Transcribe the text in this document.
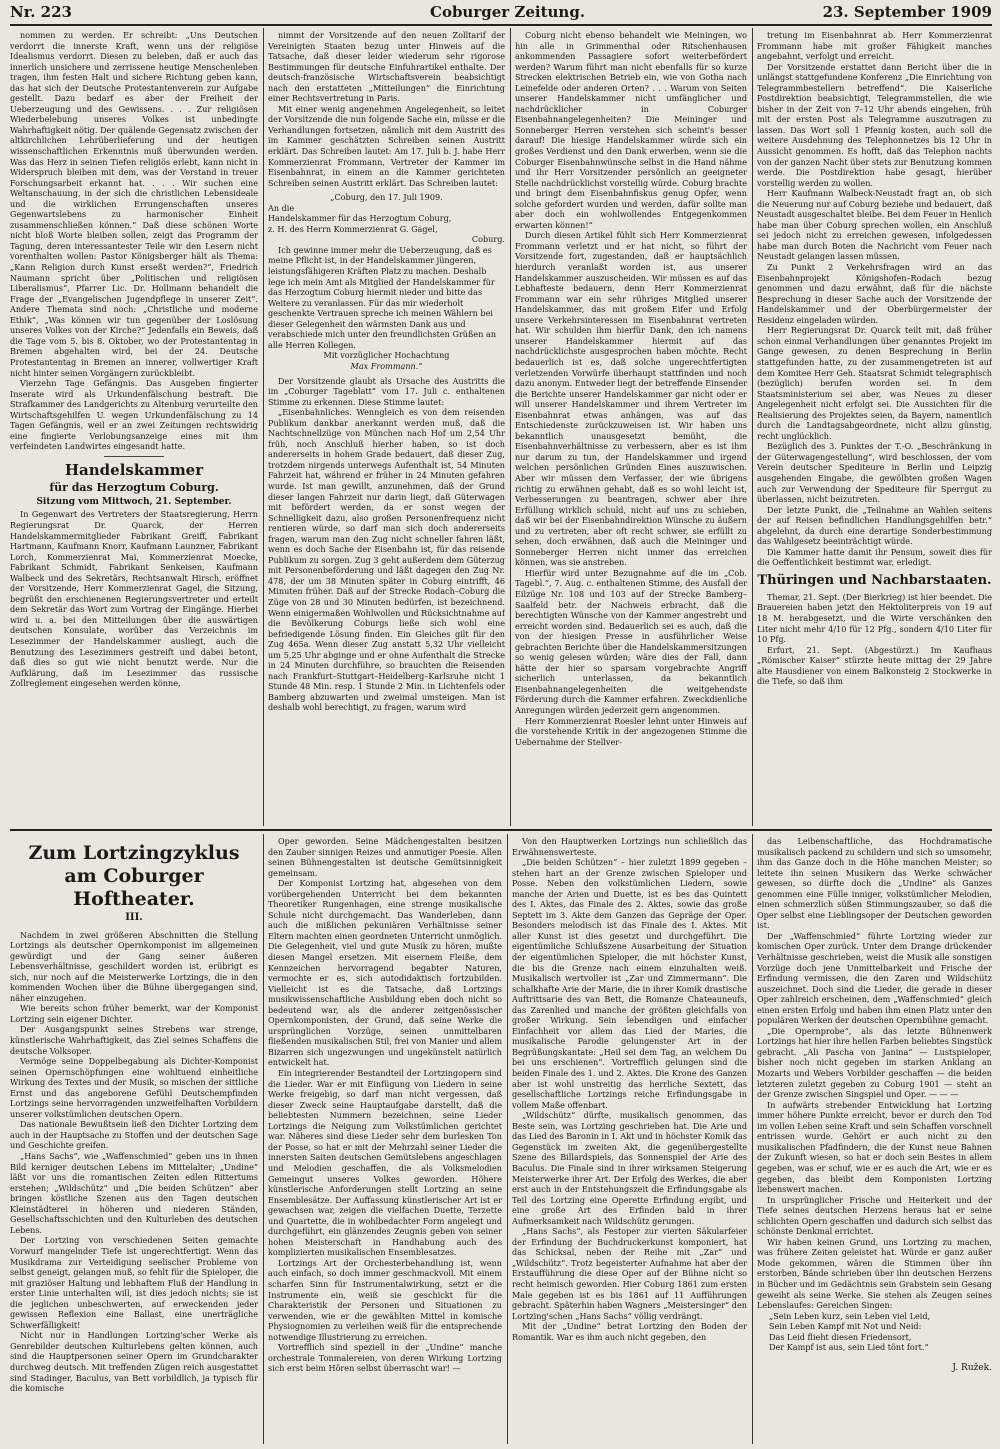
Nr. 223	Coburger Zeitung.	23. September 1909

nommen zu werden. Er schreibt: „Uns Deutschen verdorrt die innerste Kraft, wenn uns der religiöse Idealismus verdorrt. Diesen zu beleben, daß er auch das innerlich unsichere und zerrissene heutige Menschenleben tragen, ihm festen Halt und sichere Richtung geben kann, das hat sich der Deutsche Protestantenverein zur Aufgabe gestellt. Dazu bedarf es aber der Freiheit der Ueberzeugung und des Gewissens. . . . Zur religiösen Wiederbelebung unseres Volkes ist unbedingte Wahrhaftigkeit nötig. Der quälende Gegensatz zwischen der altkirchlichen Lehrüberlieferung und der heutigen wissenschaftlichen Erkenntnis muß überwunden werden. Was das Herz in seinen Tiefen religiös erlebt, kann nicht in Widerspruch bleiben mit dem, was der Verstand in treuer Forschungsarbeit erkannt hat. . . . Wir suchen eine Weltanschauung, in der sich die christlichen Lebensideale und die wirklichen Errungenschaften unseres Gegenwartslebens zu harmonischer Einheit zusammenschließen können.“ Daß diese schönen Worte nicht bloß Worte bleiben sollen, zeigt das Programm der Tagung, deren interessantester Teile wir den Lesern nicht vorenthalten wollen: Pastor Königsberger hält als Thema: „Kann Religion durch Kunst erseßt werden?“, Friedrich Naumann spricht über „Politischen und religiösen Liberalismus“, Pfarrer Lic. Dr. Hollmann behandelt die Frage der „Evangelischen Jugendpflege in unserer Zeit“. Andere Themata sind noch: „Christliche und moderne Ethik“, „Was können wir tun gegenüber der Loslösung unseres Volkes von der Kirche?“ Jedenfalls ein Beweis, daß die Tage vom 5. bis 8. Oktober, wo der Protestantentag in Bremen abgehalten wird, bei der 24. Deutsche Protestantentag in Bremen an innerer, vollwertiger Kraft nicht hinter seinen Vorgängern zurückbleibt.

Vierzehn Tage Gefängnis. Das Ausgeben fingierter Inserate wird als Urkundenfälschung bestraft. Die Strafkammer des Landgerichts zu Altenburg verurteilte den Wirtschaftsgehilfen U. wegen Urkundenfälschung zu 14 Tagen Gefängnis, weil er an zwei Zeitungen rechtswidrig eine fingierte Verlobungsanzeige eines mit ihm verfeindeten Landwirtes eingesandt hatte.

Handelskammer
für das Herzogtum Coburg.
Sitzung vom Mittwoch, 21. September.

In Gegenwart des Vertreters der Staatsregierung, Herrn Regierungsrat Dr. Quarck, der Herren Handelskammermitglieder Fabrikant Greiff, Fabrikant Hartmann, Kaufmann Knorr, Kaufmann Launzner, Fabrikant Lorch, Kommerzienrat Mai, Kommerzienrat Moecke, Fabrikant Schmidt, Fabrikant Senkeisen, Kaufmann Walbeck und des Sekretärs, Rechtsanwalt Hirsch, eröffnet der Vorsitzende, Herr Kommerzienrat Gagel, die Sitzung, begrüßt den erschienenen Regierungsvertreter und erteilt dem Sekretär das Wort zum Vortrag der Eingänge. Hierbei wird u. a. bei den Mitteilungen über die auswärtigen deutschen Konsulate, worüber das Verzeichnis im Lesezimmer der Handelskammer ausliegt, auch die Benutzung des Lesezimmers gestreift und dabei betont, daß dies so gut wie nicht benutzt werde. Nur die Aufklärung, daß im Lesezimmer das russische Zollreglement eingesehen werden könne,

nimmt der Vorsitzende auf den neuen Zolltarif der Vereinigten Staaten bezug unter Hinweis auf die Tatsache, daß dieser leider wiederum sehr rigorose Bestimmungen für deutsche Einfuhrartikel enthalte. Der deutsch-französische Wirtschaftsverein beabsichtigt nach den erstatteten „Mitteilungen“ die Einrichtung einer Rechtsvertretung in Paris.

Mit einer wenig angenehmen Angelegenheit, so leitet der Vorsitzende die nun folgende Sache ein, müsse er die Verhandlungen fortsetzen, nämlich mit dem Austritt des im Kammer geschätzten Schreiben seinen Austritt erklärt. Das Schreiben lautet: Am 17. Juli b. J. habe Herr Kommerzienrat Frommann, Vertreter der Kammer im Eisenbahnrat, in einem an die Kammer gerichteten Schreiben seinen Austritt erklärt. Das Schreiben lautet:

„Coburg, den 17. Juli 1909.
An die
Handelskammer für das Herzogtum Coburg,
z. H. des Herrn Kommerzienrat G. Gagel,
Coburg.

Ich gewinne immer mehr die Ueberzeugung, daß es meine Pflicht ist, in der Handelskammer jüngeren, leistungsfähigeren Kräften Platz zu machen. Deshalb lege ich mein Amt als Mitglied der Handelskammer für das Herzogtum Coburg hiermit nieder und bitte das Weitere zu veranlassen. Für das mir wiederholt geschenkte Vertrauen spreche ich meinen Wählern bei dieser Gelegenheit den wärmsten Dank aus und verabschiede mich unter den freundlichsten Grüßen an alle Herren Kollegen.

Mit vorzüglicher Hochachtung
Max Frommann.“

Der Vorsitzende glaubt als Ursache des Austritts die im „Coburger Tageblatt“ vom 17. Juli c. enthaltenen Stimme zu erkennen. Diese Stimme lautet:

„Eisenbahnliches. Wenngleich es von dem reisenden Publikum dankbar anerkannt werden muß, daß die Nachtschnellzüge von München nach Hof um 2,54 Uhr früh, noch Anschluß hierher haben, so ist doch andererseits in hohem Grade bedauert, daß dieser Zug, trotzdem nirgends unterwegs Aufenthalt ist, 54 Minuten Fahrzeit hat, während er früher in 24 Minuten gefahren wurde. Ist man gewillt, anzunehmen, daß der Grund dieser langen Fahrzeit nur darin liegt, daß Güterwagen mit befördert werden, da er sonst wegen der Schnelligkeit dazu, also großen Personenfrequenz nicht rentieren würde, so darf man sich doch andererseits fragen, warum man den Zug nicht schneller fahren läßt, wenn es doch Sache der Eisenbahn ist, für das reisende Publikum zu sorgen. Zug 3 geht außerdem dem Güterzug mit Personenbeförderung und läßt dagegen den Zug Nr. 478, der um 38 Minuten später in Coburg eintrifft, 46 Minuten früher. Daß auf der Strecke Rodach–Coburg die Züge von 28 und 30 Minuten bedürfen, ist bezeichnend. Wenn einigermaßen Wohlwollen und Rücksichtnahme auf die Bevölkerung Coburgs ließe sich wohl eine befriedigende Lösung finden. Ein Gleiches gilt für den Zug 465a. Wenn dieser Zug anstatt 5,32 Uhr vielleicht um 5,25 Uhr abginge und er ohne Aufenthalt die Strecke in 24 Minuten durchführe, so brauchten die Reisenden nach Frankfurt–Stuttgart–Heidelberg–Karlsruhe nicht 1 Stunde 48 Min. resp. 1 Stunde 2 Min. in Lichtenfels oder Bamberg abzuwarten und zweimal umsteigen. Man ist deshalb wohl berechtigt, zu fragen, warum wird

Coburg nicht ebenso behandelt wie Meiningen, wo hin alle in Grimmenthal oder Ritschenhausen ankommenden Passagiere sofort weiterbefördert werden? Warum führt man nicht ebenfalls für so kurze Strecken elektrischen Betrieb ein, wie von Gotha nach Leinefelde oder anderen Orten? . . . Warum von Seiten unserer Handelskammer nicht umfänglicher und nachdrücklicher in Coburger Eisenbahnangelegenheiten? Die Meininger und Sonneberger Herren verstehen sich scheint's besser darauf! Die hiesige Handelskammer würde sich ein großes Verdienst und den Dank erwerben, wenn sie die Coburger Eisenbahnwünsche selbst in die Hand nähme und ihr Herr Vorsitzender persönlich an geeigneter Stelle nachdrücklichst vorstellig würde. Coburg brachte und bringt dem Eisenbahnfiskus genug Opfer, wenn solche gefordert wurden und werden, dafür sollte man aber doch ein wohlwollendes Entgegenkommen erwarten können!“

Durch diesen Artikel fühlt sich Herr Kommerzienrat Frommann verletzt und er hat nicht, so führt der Vorsitzende fort, zugestanden, daß er hauptsächlich hierdurch veranlaßt worden ist, aus unserer Handelskammer auszuscheiden. Wir müssen es auf das Lebhafteste bedauern, denn Herr Kommerzienrat Frommann war ein sehr rühriges Mitglied unserer Handelskammer, das mit großem Eifer und Erfolg unsere Verkehrsinteressen im Eisenbahnrat vertreten hat. Wir schulden ihm hierfür Dank, den ich namens unserer Handelskammer hiermit auf das nachdrücklichste ausgesprochen haben möchte. Recht bedauerlich ist es, daß solche ungerechtfertigten verletzenden Vorwürfe überhaupt stattfinden und noch dazu anonym. Entweder liegt der betreffende Einsender die Berichte unserer Handelskammer gar nicht oder er will unserer Handelskammer und ihrem Vertreter im Eisenbahnrat etwas anhängen, was auf das Entschiedenste zurückzuweisen ist. Wir haben uns bekanntlich unausgesetzt bemüht, die Eisenbahnverhältnisse zu verbessern, aber es ist ihm nur darum zu tun, der Handelskammer und irgend welchen persönlichen Gründen Eines auszuwischen. Aber wir müssen dem Verfasser, der wie übrigens richtig zu erwähnen gehabt, daß es so wohl leicht ist, Verbesserungen zu beantragen, schwer aber ihre Erfüllung wirklich schuld, nicht auf uns zu schieben, daß wir bei der Eisenbahndirektion Wünsche zu äußern und zu vertreten, aber oft recht schwer, sie erfüllt zu sehen, doch erwähnen, daß auch die Meininger und Sonneberger Herren nicht immer das erreichen können, was sie anstreben.

Hierfür wird unter Bezugnahme auf die im „Cob. Tagebl.“, 7. Aug. c. enthaltenen Stimme, des Ausfall der Eilzüge Nr. 108 und 103 auf der Strecke Bamberg–Saalfeld betr. der Nachweis erbracht, daß die berechtigten Wünsche von der Kammer angestrebt und erreicht worden sind. Bedauerlich sei es auch, daß die von der hiesigen Presse in ausführlicher Weise gebrachten Berichte über die Handelskammersitzungen so wenig gelesen würden; wäre dies der Fall, dann hätte der hier so sparsam vorgebrachte Angriff sicherlich unterlassen, da bekanntlich Eisenbahnangelegenheiten die weitgehendste Förderung durch die Kammer erfahren. Zweckdienliche Anregungen würden jederzeit gern angenommen.

Herr Kommerzienrat Roesler lehnt unter Hinweis auf die vorstehende Kritik in der angezogenen Stimme die Uebernahme der Stellver-

tretung im Eisenbahnrat ab. Herr Kommerzienrat Frommann habe mit großer Fähigkeit manches angebahnt, verfolgt und erreicht.

Der Vorsitzende erstattet dann Bericht über die in unlängst stattgefundene Konferenz „Die Einrichtung von Telegrammbestellern betreffend“. Die Kaiserliche Postdirektion beabsichtigt, Telegrammstellen, die wie bisher in der Zeit von 7–12 Uhr abends eingehen, früh mit der ersten Post als Telegramme auszutragen zu lassen. Das Wort soll 1 Pfennig kosten, auch soll die weitere Ausdehnung des Telephonnetzes bis 12 Uhr in Aussicht genommen. Es hofft, daß das Telephon nachts von der ganzen Nacht über stets zur Benutzung kommen werde. Die Postdirektion habe gesagt, hierüber vorstellig werden zu wollen.

Herr Kaufmann Walbeck-Neustadt fragt an, ob sich die Neuerung nur auf Coburg beziehe und bedauert, daß Neustadt ausgeschaltet bleibe. Bei dem Feuer in Henlich habe man über Coburg sprechen wollen, ein Anschluß sei jedoch nicht zu erreichen gewesen, infolgedessen habe man durch Boten die Nachricht vom Feuer nach Neustadt gelangen lassen müssen.

Zu Punkt 2 Verkehrsfragen wird an das Eisenbahnprojekt Königshofen–Rodach bezug genommen und dazu erwähnt, daß für die nächste Besprechung in dieser Sache auch der Vorsitzende der Handelskammer und der Oberbürgermeister der Residenz eingeladen würden.

Herr Regierungsrat Dr. Quarck teilt mit, daß früher schon einmal Verhandlungen über genanntes Projekt im Gange gewesen, zu denen Besprechung in Berlin stattgefunden hatte, zu der zusammengetreten ist auf dem Komitee Herr Geh. Staatsrat Schmidt telegraphisch (bezüglich) berufen worden sei. In dem Staatsministerium sei aber, was Neues zu dieser Angelegenheit nicht erfolgt sei. Die Aussichten für die Realisierung des Projektes seien, da Bayern, namentlich durch die Landtagsabgeordnete, nicht allzu günstig, recht unglücklich.

Bezüglich des 3. Punktes der T.-O. „Beschränkung in der Güterwagengestellung“, wird beschlossen, der vom Verein deutscher Spediteure in Berlin und Leipzig ausgehenden Eingabe, die gewölbten großen Wagen auch zur Verwendung der Spediteure für Sperrgut zu überlassen, nicht beizutreten.

Der letzte Punkt, die „Teilnahme an Wahlen seitens der auf Reisen befindlichen Handlungsgehilfen betr.“ abgelehnt, da durch eine derartige Sonderbestimmung das Wahlgesetz beeinträchtigt würde.

Die Kammer hatte damit ihr Pensum, soweit dies für die Oeffentlichkeit bestimmt war, erledigt.

Thüringen und Nachbarstaaten.

Themar, 21. Sept. (Der Bierkrieg) ist hier beendet. Die Brauereien haben jetzt den Hektoliterpreis von 19 auf 18 M. herabgesetzt, und die Wirte verschänken den Liter nicht mehr 4/10 für 12 Pfg., sondern 4/10 Liter für 10 Pfg.

Erfurt, 21. Sept. (Abgestürzt.) Im Kaufhaus „Römischer Kaiser“ stürzte heute mittag der 29 Jahre alte Hausdiener von einem Balkonsteig 2 Stockwerke in die Tiefe, so daß ihm

Zum Lortzingzyklus
am Coburger Hoftheater.
III.

Nachdem in zwei größeren Abschnitten die Stellung Lortzings als deutscher Opernkomponist im allgemeinen gewürdigt und der Gang seiner äußeren Lebensverhältnisse, geschildert worden ist, erübrigt es sich, nur noch auf die Meisterwerke Lortzings, die in den kommenden Wochen über die Bühne übergegangen sind, näher einzugehen.

Wie bereits schon früher bemerkt, war der Komponist Lortzing sein eigener Dichter.

Der Ausgangspunkt seines Strebens war strenge, künstlerische Wahrhaftigkeit, das Ziel seines Schaffens die deutsche Volksoper.

Vermöge seine Doppelbegabung als Dichter-Komponist seinen Opernschöpfungen eine wohltuend einheitliche Wirkung des Textes und der Musik, so mischen der sittliche Ernst und das angeborene Gefühl Deutschempfinden Lortzings seine hervorragenden unzweifelhaften Vorbildern unserer volkstümlichen deutschen Opern.

Das nationale Bewußtsein ließ den Dichter Lortzing dem auch in der Hauptsache zu Stoffen und der deutschen Sage und Geschichte greifen.

„Hans Sachs“, wie „Waffenschmied“ geben uns in ihnen Bild kerniger deutschen Lebens im Mittelalter; „Undine“ läßt vor uns die romantischen Zeiten edlen Rittertums erstehen; „Wildschütz“ und „Die beiden Schützen“ aber bringen köstliche Szenen aus den Tagen deutschen Kleinstädterei in höheren und niederen Ständen, Gesellschaftsschichten und den Kulturleben des deutschen Lebens.

Der Lortzing von verschiedenen Seiten gemachte Vorwurf mangelnder Tiefe ist ungerechtfertigt. Wenn das Musikdrama zur Verteidigung seelischer Probleme von selbst geneigt, gelangen muß, so fehlt für die Spieloper, die mit graziöser Haltung und lebhaftem Fluß der Handlung in erster Linie unterhalten will, ist dies jedoch nichts; sie ist die jeglichen unbeschwerten, auf erweckenden jeder gewissen Reflexion eine Ballast, eine unerträgliche Schwerfälligkeit!

Nicht nur in Handlungen Lortzing'scher Werke als Genrebilder deutschen Kulturlebens gelten können, auch sind die Hauptpersonen seiner Opern im Grundcharakter durchweg deutsch. Mit treffenden Zügen reich ausgestattet sind Stadinger, Baculus, van Bett vorbildlich, ja typisch für die komische

Oper geworden. Seine Mädchengestalten besitzen den Zauber sinnigen Reizes und anmutiger Poesie. Allen seinen Bühnengestalten ist deutsche Gemütsinnigkeit gemeinsam.

Der Komponist Lortzing hat, abgesehen von dem vorübergehenden Unterricht bei dem bekannten Theoretiker Rungenhagen, eine strenge musikalische Schule nicht durchgemacht. Das Wanderleben, dann auch die mißlichen pekuniären Verhältnisse seiner Eltern machten einen geordneten Unterricht unmöglich. Die Gelegenheit, viel und gute Musik zu hören, mußte diesen Mangel ersetzen. Mit eisernem Fleiße, dem Kennzeichen hervorragend begabter Naturen, vermochte er es, sich autodidaktisch fortzubilden. Vielleicht ist es die Tatsache, daß Lortzings musikwissenschaftliche Ausbildung eben doch nicht so bedeutend war, als die anderer zeitgenössischer Opernkomponisten, der Grund, daß seine Werke die ursprünglichen Vorzüge, seinen unmittelbaren fließenden musikalischen Stil, frei von Manier und allem Bizarren sich ungezwungen und ungekünstelt natürlich entwickelt hat.

Ein integrierender Bestandteil der Lortzingopern sind die Lieder. War er mit Einfügung von Liedern in seine Werke freigebig, so darf man nicht vergessen, daß dieser Zweck seine Hauptaufgabe darstellt, daß die beliebtesten Nummern bezeichnen, seine Lieder Lortzings die Neigung zum Volkstümlichen gerichtet war. Näheres sind diese Lieder sehr dem burlesken Ton der Posse, so hat er mit der Mehrzahl seiner Lieder die innersten Saiten deutschen Gemütslebens angeschlagen und Melodien geschaffen, die als Volksmelodien Gemeingut unseres Volkes geworden. Höhere künstlerische Anforderungen stellt Lortzing an seine Ensemblesätze. Der Auffassung künstlerischer Art ist er gewachsen war, zeigen die vielfachen Duette, Terzette und Quartette, die in wohlbedachter Form angelegt und durchgeführt, ein glänzendes Zeugnis geben von seiner hohen Meisterschaft in Handhabung auch des komplizierten musikalischen Ensemblesatzes.

Lortzings Art der Orchesterbehandlung ist, wenn auch einfach, so doch immer geschmackvoll. Mit einem scharfen Sinn für Instrumentalwirkung, setzt er die Instrumente ein, weiß sie geschickt für die Charakteristik der Personen und Situationen zu verwenden, wie er die gewählten Mittel in komische Physiognomien zu verleihen weiß für die entsprechende notwendige Illustrierung zu erreichen.

Vortrefflich sind speziell in der „Undine“ manche orchestrale Tonmalereien, von deren Wirkung Lortzing sich erst beim Hören selbst überrascht war! —

Von den Hauptwerken Lortzings nun schließlich das Erwähnenswerteste.

„Die beiden Schützen“ – hier zuletzt 1899 gegeben – stehen hart an der Grenze zwischen Spieloper und Posse. Neben den volkstümlichen Liedern, sowie manche der Arien und Duette, ist es bes das Quintett des I. Aktes, das Finale des 2. Aktes, sowie das große Septett im 3. Akte dem Ganzen das Gepräge der Oper. Besonders melodisch ist das Finale des I. Aktes. Mit aller Kunst ist dies gesetzt und durchgeführt. Die eigentümliche Schlußszene Ausarbeitung der Situation der eigentümlichen Spieloper, die mit höchster Kunst, die bis die Grenze nach einem einzuhalten weiß. Musikalisch wertvoller ist „Zar und Zimmermann“. Die schalkhafte Arie der Marie, die in ihrer Komik drastische Auftrittsarie des van Bett, die Romanze Chateauneufs, das Zarenlied und manche der größten gleichfalls von großer Wirkung. Sein lebendigen und einfacher Einfachheit vor allem das Lied der Maries, die musikalische Parodie gelungenster Art in der Begrüßungskantate: „Heil sei dem Tag, an welchem Du bei uns erschienen“. Vortrefflich gelungen sind die beiden Finale des 1. und 2. Aktes. Die Krone des Ganzen aber ist wohl unstreitig das herrliche Sextett, das gesellschaftliche Lortzings reiche Erfindungsgabe in vollem Maße offenbart.

„Wildschütz“ dürfte, musikalisch genommen, das Beste sein, was Lortzing geschrieben hat. Die Arie und das Lied des Baronin in I. Akt und in höchster Komik das Gegenstück im zweiten Akt, die gegenübergestellte Szene des Billardspiels, das Sonnenspiel der Arie des Baculus. Die Finale sind in ihrer wirksamen Steigerung Meisterwerke ihrer Art. Der Erfolg des Werkes, die aber erst auch in der Entstehungszeit die Erfindungsgabe als Teil des Lortzing eine Operette Erfindung ergibt, und eine große Art des Erfinden bald in ihrer Aufmerksamkeit nach Wildschütz gerungen.

„Hans Sachs“, als Festoper zur vierten Säkularfeier der Erfindung der Buchdruckerkunst komponiert, hat das Schicksal, neben der Reihe mit „Zar“ und „Wildschütz“. Trotz begeisterter Aufnahme hat aber der Erstaufführung die diese Oper auf der Bühne nicht so recht heimisch geworden. Hier Coburg 1861 zum ersten Male gegeben ist es bis 1861 auf 11 Aufführungen gebracht. Späterhin haben Wagners „Meistersinger“ den Lortzing'schen „Hans Sachs“ völlig verdrängt.

Mit der „Undine“ betrat Lortzing den Boden der Romantik. War es ihm auch nicht gegeben, den

das Leibenschaftliche, das Hochdramatische musikalisch packend zu schildern und sich so umsomehr, ihm das Ganze doch in die Höhe manchen Meister; so leitete ihn seinen Musikern das Werke schwächer gewesen, so dürfte doch die „Undine“ als Ganzes genommen eine Fülle inniger, volkstümlicher Melodien, einen schmerzlich süßen Stimmungszauber, so daß die Oper selbst eine Lieblingsoper der Deutschen geworden ist.

Der „Waffenschmied“ führte Lortzing wieder zur komischen Oper zurück. Unter dem Drange drückender Verhältnisse geschrieben, weist die Musik alle sonstigen Vorzüge doch jene Unmittelbarkeit und Frische der Erfindung vermissen, die den Zaren und Wildschütz auszeichnet. Doch sind die Lieder, die gerade in dieser Oper zahlreich erscheinen, dem „Waffenschmied“ gleich einen ersten Erfolg und haben ihm einen Platz unter den populären Werken der deutschen Opernbühne gemacht.

„Die Opernprobe“, als das letzte Bühnenwerk Lortzings hat hier ihre hellen Farben beliebtes Singstück gebracht. „Ali Pascha von Janina“ — Lustspieloper, bisher noch nicht gegeben im starken Anklang an Mozarts und Webers Vorbilder geschaffen — die beiden letzteren zuletzt gegeben zu Coburg 1901 — steht an der Grenze zwischen Singspiel und Oper. — — —

In aufwärts strebender Entwicklung hat Lortzing immer höhere Punkte erreicht, bevor er durch den Tod im vollen Leben seine Kraft und sein Schaffen vorschnell entrissen wurde. Gehört er auch nicht zu den musikalischen Pfadfindern, die der Kunst neue Bahnen der Zukunft wiesen, so hat er doch sein Bestes in allem gegeben, was er schuf, wie er es auch die Art, wie er es gegeben, das bleibt dem Komponisten Lortzing liebenswert machen.

In ursprünglicher Frische und Heiterkeit und der Tiefe seines deutschen Herzens heraus hat er seine schlichten Opern geschaffen und dadurch sich selbst das schönste Denkmal errichtet.

Wir haben keinen Grund, uns Lortzing zu machen, was frühere Zeiten geleistet hat. Würde er ganz außer Mode gekommen, wären die Stimmen über ihn erstorben, Bände schrieben über ihn deutschen Herzens in Bücher und im Gedächtnis sein Grabstein sein Gesang geweiht als seine Werke. Sie stehen als Zeugen seines Lebenslaufes: Gereichen Singen:

„Sein Leben kurz, sein Leben viel Leid,
Sein Leben Kampf mit Not und Neid:
Das Leid flieht diesen Friedensort,
Der Kampf ist aus, sein Lied tönt fort.“

J. Ružek.
